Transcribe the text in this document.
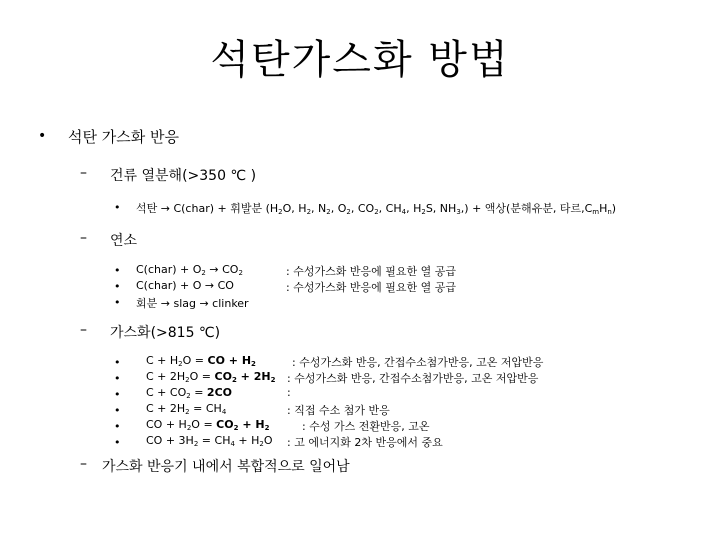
석탄가스화 방법
• 석탄 가스화 반응
– 건류 열분해(>350 ℃ )
• 석탄 → C(char) + 휘발분 ($H_2O$, $H_2$, $N_2$, $O_2$, $CO_2$, $CH_4$, $H_2S$, $NH_3$,) + 액상(분해유분, 타르$,C_mH_n$)
– 연소
• C(char) + $O_2 \to CO_2$	: 수성가스화 반응에 필요한 열 공급
• C(char) + O → CO	: 수성가스화 반응에 필요한 열 공급
• 회분 → slag → clinker
– 가스화(>815 ℃)
• $C + H_2O$ = CO + $H_2$	: 수성가스화 반응, 간접수소첨가반응, 고온 저압반응
• $C + 2H_2O = CO_2 + 2H_2$ : 수성가스화 반응, 간접수소첨가반응, 고온 저압반응
• $C + CO_2 = 2CO$	:
• $C + 2H_2 = CH_4$	: 직접 수소 첨가 반응
• CO + $H_2O = CO_2 + H_2$	: 수성 가스 전환반응, 고온
• CO + $3H_2 = CH_4 + H_2O$ : 고 에너지화 2차 반응에서 중요
– 가스화 반응기 내에서 복합적으로 일어남
